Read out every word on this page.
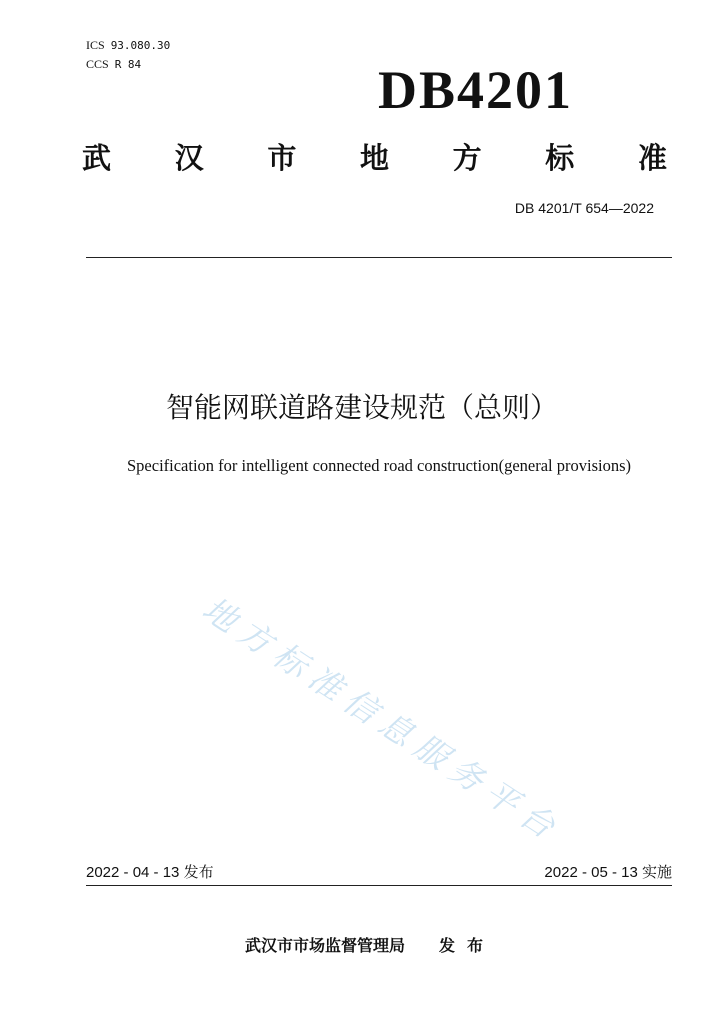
ICS 93.080.30
CCS R 84	DB4201
武 汉 市 地 方 标 准
DB 4201/T 654—2022
智能网联道路建设规范（总则）
Specification for intelligent connected road construction(general provisions)
地方标准信息服务平台
2022 - 04 - 13 发布	2022 - 05 - 13 实施
武汉市市场监督管理局 发布
